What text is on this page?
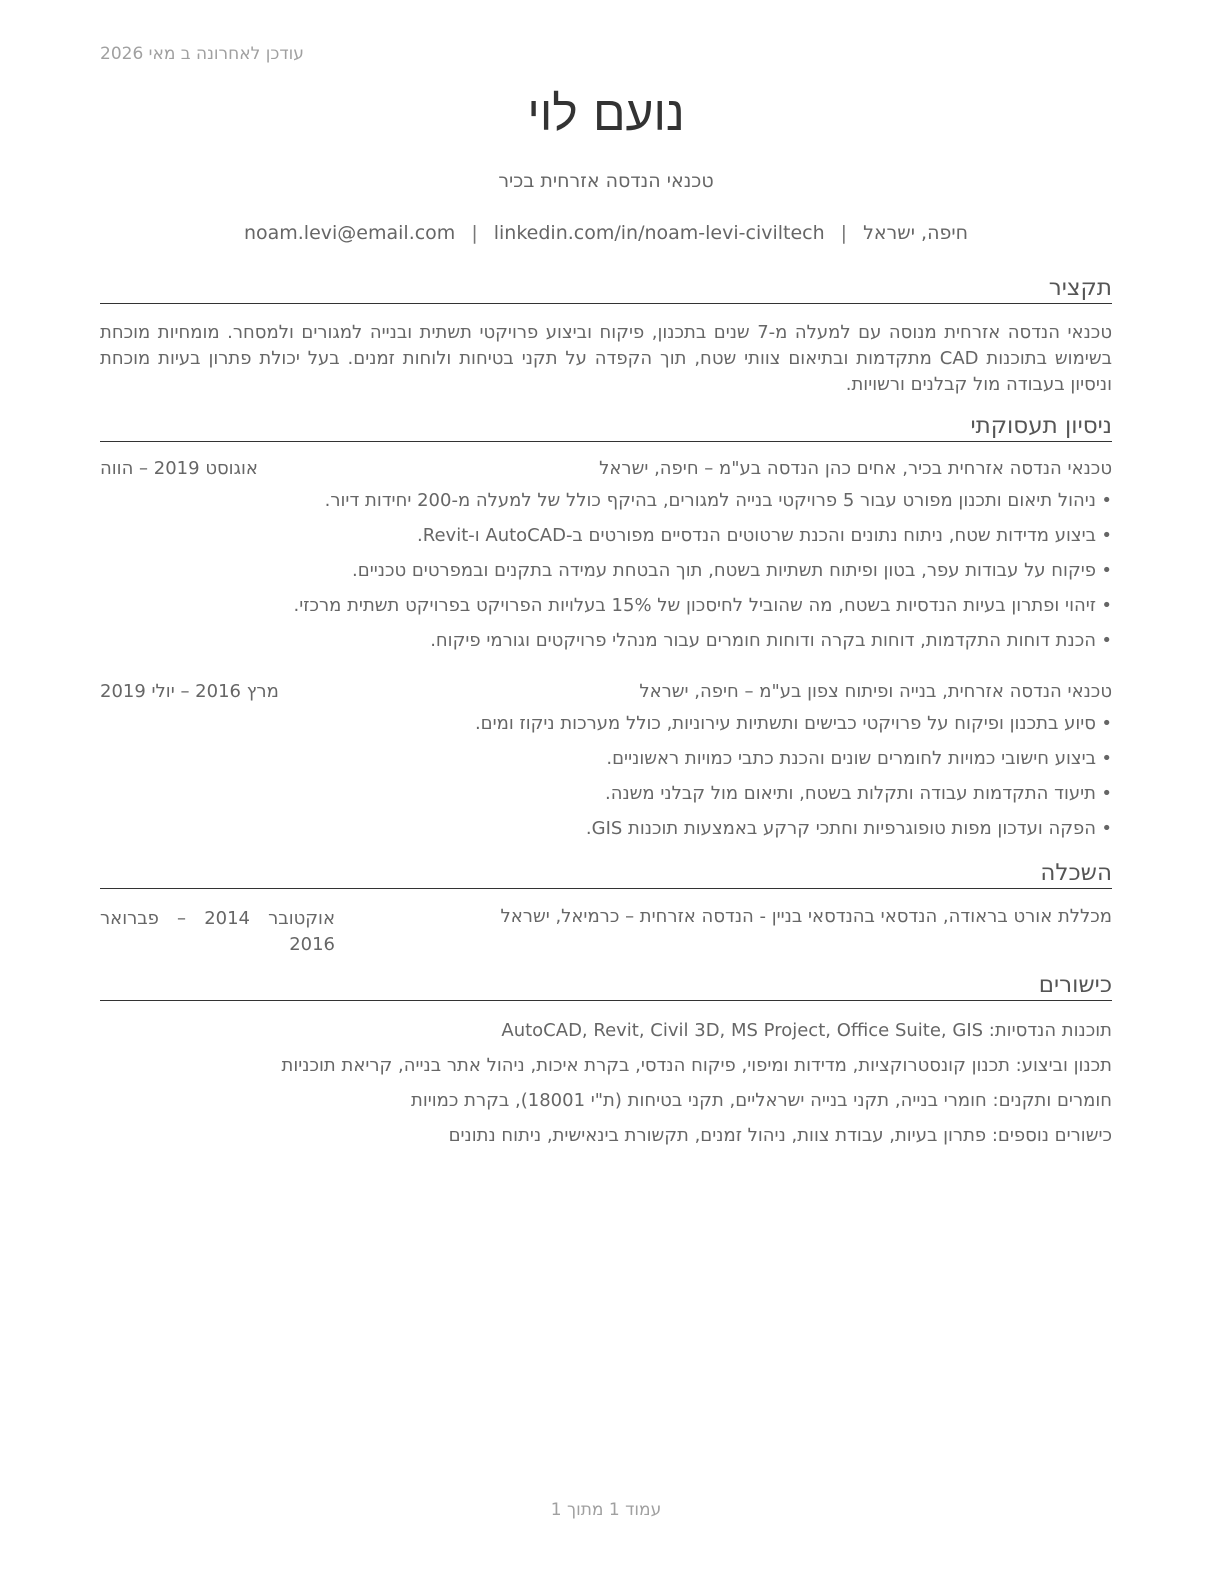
עודכן לאחרונה ב מאי 2026
נועם לוי
טכנאי הנדסה אזרחית בכיר
חיפה, ישראל|noam.levi@email.com | linkedin.com/in/noam-levi-civiltech
תקציר
טכנאי הנדסה אזרחית מנוסה עם למעלה מ-7 שנים בתכנון, פיקוח וביצוע פרויקטי תשתית ובנייה למגורים ולמסחר. מומחיות מוכחת בשימוש בתוכנות CAD מתקדמות ובתיאום צוותי שטח, תוך הקפדה על תקני בטיחות ולוחות זמנים. בעל יכולת פתרון בעיות מוכחת וניסיון בעבודה מול קבלנים ורשויות.
ניסיון תעסוקתי
טכנאי הנדסה אזרחית בכיר, אחים כהן הנדסה בע"מ – חיפה, ישראל
אוגוסט 2019 – הווה
•
ניהול תיאום ותכנון מפורט עבור 5 פרויקטי בנייה למגורים, בהיקף כולל של למעלה מ-200 יחידות דיור.
•
ביצוע מדידות שטח, ניתוח נתונים והכנת שרטוטים הנדסיים מפורטים ב-AutoCAD ו-Revit.
•
פיקוח על עבודות עפר, בטון ופיתוח תשתיות בשטח, תוך הבטחת עמידה בתקנים ובמפרטים טכניים.
•
זיהוי ופתרון בעיות הנדסיות בשטח, מה שהוביל לחיסכון של 15% בעלויות הפרויקט בפרויקט תשתית מרכזי.
•
הכנת דוחות התקדמות, דוחות בקרה ודוחות חומרים עבור מנהלי פרויקטים וגורמי פיקוח.
טכנאי הנדסה אזרחית, בנייה ופיתוח צפון בע"מ – חיפה, ישראל
מרץ 2016 – יולי 2019
•
סיוע בתכנון ופיקוח על פרויקטי כבישים ותשתיות עירוניות, כולל מערכות ניקוז ומים.
•
ביצוע חישובי כמויות לחומרים שונים והכנת כתבי כמויות ראשוניים.
•
תיעוד התקדמות עבודה ותקלות בשטח, ותיאום מול קבלני משנה.
•
הפקה ועדכון מפות טופוגרפיות וחתכי קרקע באמצעות תוכנות GIS.
השכלה
מכללת אורט בראודה, הנדסאי בהנדסאי בניין - הנדסה אזרחית – כרמיאל, ישראל
אוקטובר 2014 – פברואר 2016
כישורים
תוכנות הנדסיות: AutoCAD, Revit, Civil 3D, MS Project, Office Suite, GIS
תכנון וביצוע: תכנון קונסטרוקציות, מדידות ומיפוי, פיקוח הנדסי, בקרת איכות, ניהול אתר בנייה, קריאת תוכניות
חומרים ותקנים: חומרי בנייה, תקני בנייה ישראליים, תקני בטיחות (ת"י 18001), בקרת כמויות
כישורים נוספים: פתרון בעיות, עבודת צוות, ניהול זמנים, תקשורת בינאישית, ניתוח נתונים
עמוד 1 מתוך 1
